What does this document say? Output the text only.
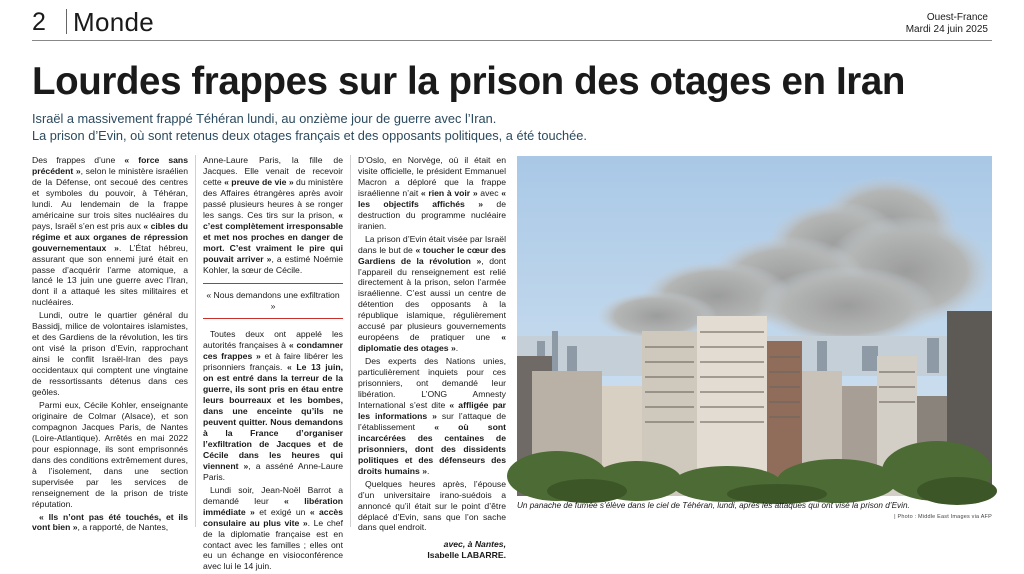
2 Monde	Ouest-France
Mardi 24 juin 2025
Lourdes frappes sur la prison des otages en Iran
Israël a massivement frappé Téhéran lundi, au onzième jour de guerre avec l’Iran.
La prison d’Evin, où sont retenus deux otages français et des opposants politiques, a été touchée.

Des frappes d’une « force sans précédent », selon le ministère israélien de la Défense, ont secoué des centres et symboles du pouvoir, à Téhéran, lundi. Au lendemain de la frappe américaine sur trois sites nucléaires du pays, Israël s’en est pris aux « cibles du régime et aux organes de répression gouvernementaux ». L’État hébreu, assurant que son ennemi juré était en passe d’acquérir l’arme atomique, a lancé le 13 juin une guerre avec l’Iran, dont il a attaqué les sites militaires et nucléaires.

Lundi, outre le quartier général du Bassidj, milice de volontaires islamistes, et des Gardiens de la révolution, les tirs ont visé la prison d’Evin, rapprochant ainsi le conflit Israël-Iran des pays occidentaux qui comptent une vingtaine de ressortissants détenus dans ces geôles.

Parmi eux, Cécile Kohler, enseignante originaire de Colmar (Alsace), et son compagnon Jacques Paris, de Nantes (Loire-Atlantique). Arrêtés en mai 2022 pour espionnage, ils sont emprisonnés dans des conditions extrêmement dures, à l’isolement, dans une section supervisée par les services de renseignement de la prison de triste réputation.

« Ils n’ont pas été touchés, et ils vont bien », a rapporté, de Nantes,

Anne-Laure Paris, la fille de Jacques. Elle venait de recevoir cette « preuve de vie » du ministère des Affaires étrangères après avoir passé plusieurs heures à se ronger les sangs. Ces tirs sur la prison, « c’est complètement irresponsable et met nos proches en danger de mort. C’est vraiment le pire qui pouvait arriver », a estimé Noémie Kohler, la sœur de Cécile.

« Nous demandons une exfiltration »

Toutes deux ont appelé les autorités françaises à « condamner ces frappes » et à faire libérer les prisonniers français. « Le 13 juin, on est entré dans la terreur de la guerre, ils sont pris en étau entre leurs bourreaux et les bombes, dans une enceinte qu’ils ne peuvent quitter. Nous demandons à la France d’organiser l’exfiltration de Jacques et de Cécile dans les heures qui viennent », a asséné Anne-Laure Paris.

Lundi soir, Jean-Noël Barrot a demandé leur « libération immédiate » et exigé un « accès consulaire au plus vite ». Le chef de la diplomatie française est en contact avec les familles ; elles ont eu un échange en visioconférence avec lui le 14 juin.

D’Oslo, en Norvège, où il était en visite officielle, le président Emmanuel Macron a déploré que la frappe israélienne n’ait « rien à voir » avec « les objectifs affichés » de destruction du programme nucléaire iranien.

La prison d’Evin était visée par Israël dans le but de « toucher le cœur des Gardiens de la révolution », dont l’appareil du renseignement est relié directement à la prison, selon l’armée israélienne. C’est aussi un centre de détention des opposants à la république islamique, régulièrement accusé par plusieurs gouvernements européens de pratiquer une « diplomatie des otages ».

Des experts des Nations unies, particulièrement inquiets pour ces prisonniers, ont demandé leur libération. L’ONG Amnesty International s’est dite « affligée par les informations » sur l’attaque de l’établissement « où sont incarcérées des centaines de prisonniers, dont des dissidents politiques et des défenseurs des droits humains ».

Quelques heures après, l’épouse d’un universitaire irano-suédois a annoncé qu’il était sur le point d’être déplacé d’Evin, sans que l’on sache dans quel endroit.

avec, à Nantes,
Isabelle LABARRE.
Un panache de fumée s’élève dans le ciel de Téhéran, lundi, après les attaques qui ont visé la prison d’Evin.
| Photo : Middle East Images via AFP
